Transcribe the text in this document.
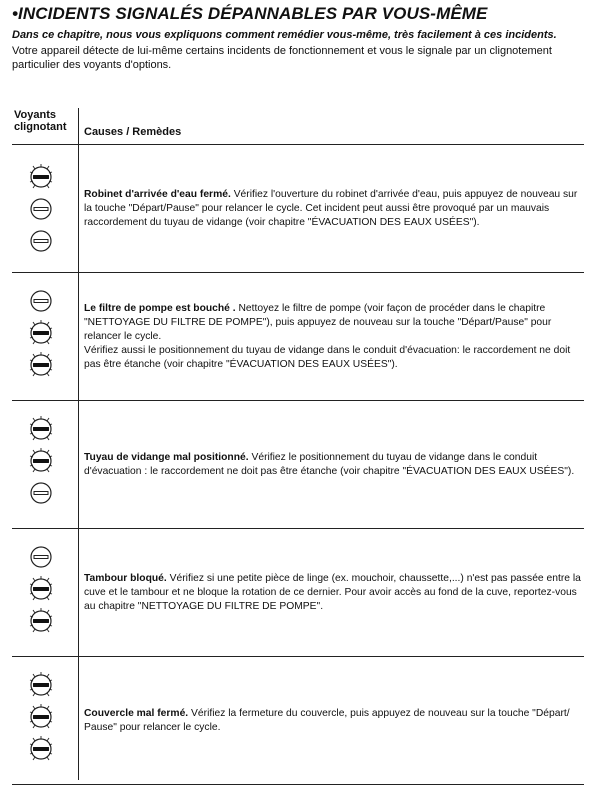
•INCIDENTS SIGNALÉS DÉPANNABLES PAR VOUS-MÊME

Dans ce chapitre, nous vous expliquons comment remédier vous-même, très facilement à ces incidents.

Votre appareil détecte de lui-même certains incidents de fonctionnement et vous le signale par un clignotement particulier des voyants d'options.

Voyants clignotant	Causes / Remèdes

Robinet d'arrivée d'eau fermé. Vérifiez l'ouverture du robinet d'arrivée d'eau, puis appuyez de nouveau sur la touche "Départ/Pause" pour relancer le cycle. Cet incident peut aussi être provoqué par un mauvais raccordement du tuyau de vidange (voir chapitre "ÉVACUATION DES EAUX USÉES").

Le filtre de pompe est bouché . Nettoyez le filtre de pompe (voir façon de procéder dans le chapitre "NETTOYAGE DU FILTRE DE POMPE"), puis appuyez de nouveau sur la touche "Départ/Pause" pour relancer le cycle.

Vérifiez aussi le positionnement du tuyau de vidange dans le conduit d'évacuation: le raccordement ne doit pas être étanche (voir chapitre "ÉVACUATION DES EAUX USÉES").

Tuyau de vidange mal positionné. Vérifiez le positionnement du tuyau de vidange dans le conduit d'évacuation : le raccordement ne doit pas être étanche (voir chapitre "ÉVACUATION DES EAUX USÉES").

Tambour bloqué. Vérifiez si une petite pièce de linge (ex. mouchoir, chaussette,...) n'est pas passée entre la cuve et le tambour et ne bloque la rotation de ce dernier. Pour avoir accès au fond de la cuve, reportez-vous au chapitre "NETTOYAGE DU FILTRE DE POMPE".

Couvercle mal fermé. Vérifiez la fermeture du couvercle, puis appuyez de nouveau sur la touche "Départ/ Pause" pour relancer le cycle.
